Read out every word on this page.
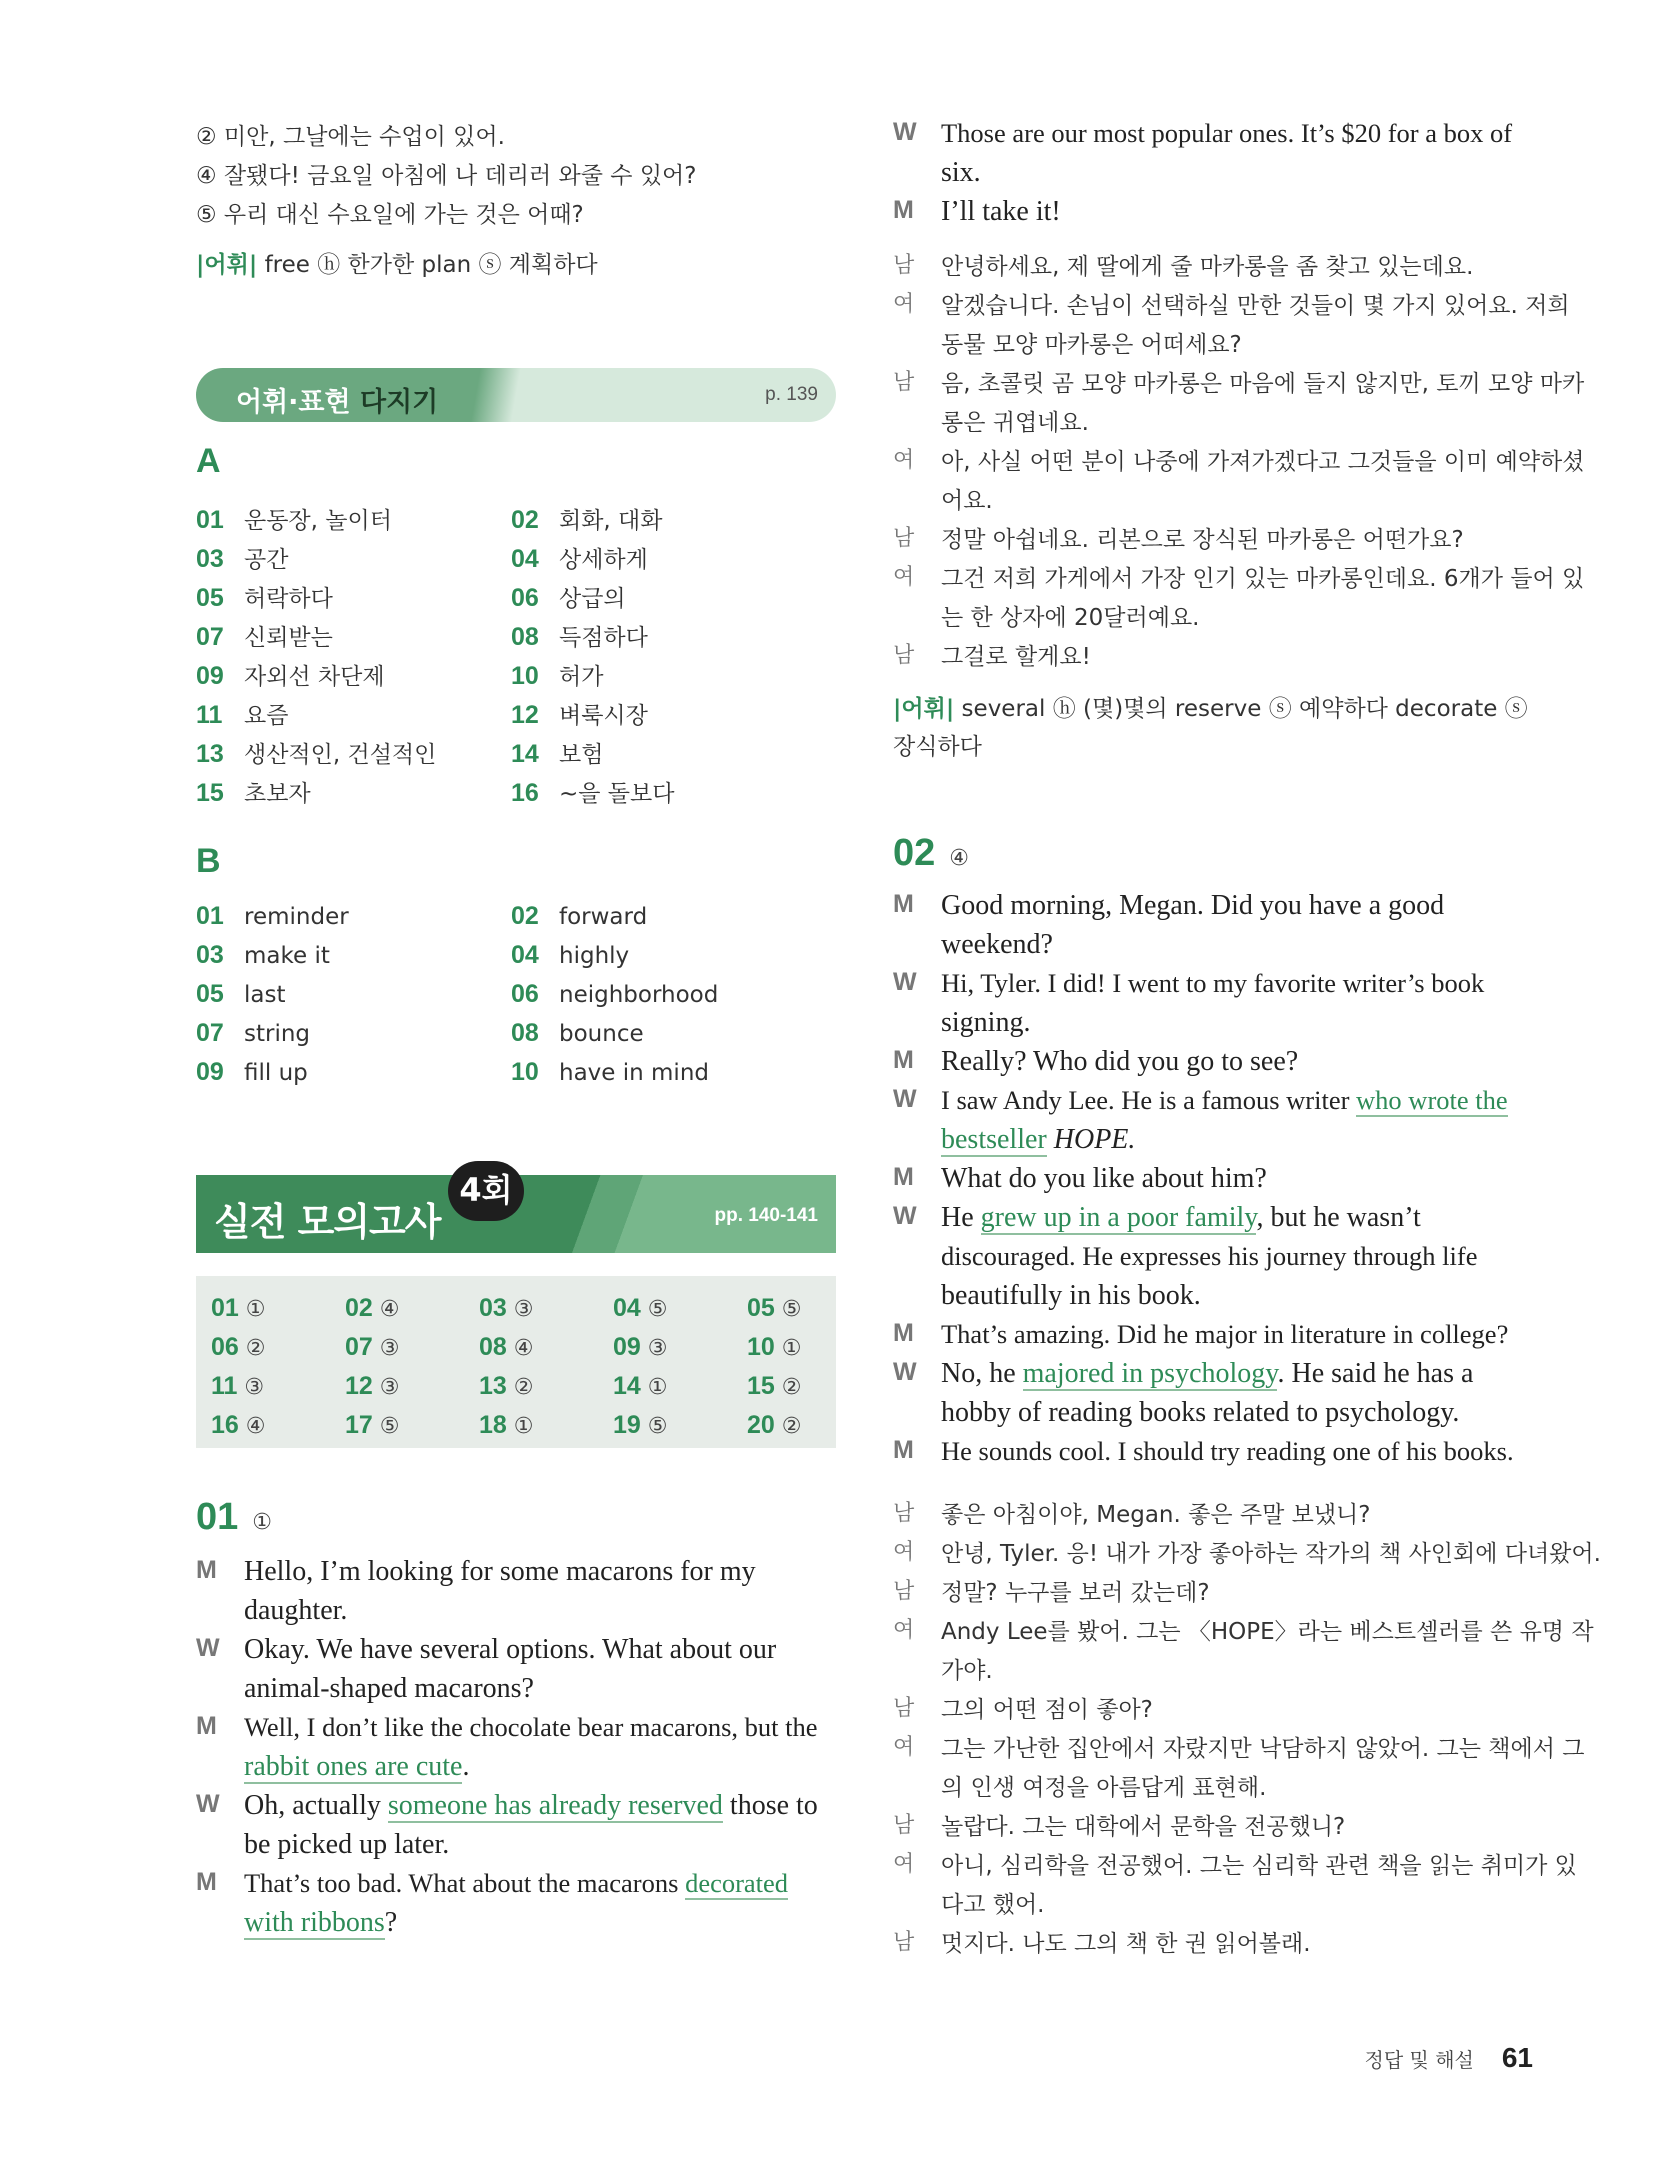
② 미안, 그날에는 수업이 있어.
④ 잘됐다! 금요일 아침에 나 데리러 와줄 수 있어?
⑤ 우리 대신 수요일에 가는 것은 어때?
|어휘| free ⓗ 한가한 plan ⓢ 계획하다
어휘·표현 다지기	p. 139
A
01 운동장, 놀이터	02 회화, 대화
03 공간	04 상세하게
05 허락하다	06 상급의
07 신뢰받는	08 득점하다
09 자외선 차단제	10 허가
11 요즘	12 벼룩시장
13 생산적인, 건설적인	14 보험
15 초보자	16 ~을 돌보다
B
01 reminder	02 forward
03 make it	04 highly
05 last	06 neighborhood
07 string	08 bounce
09 fill up	10 have in mind
실전 모의고사
4회
pp. 140-141
01 ①	02 ④	03 ③	04 ⑤	05 ⑤
06 ②	07 ③	08 ④	09 ③	10 ①
11 ③	12 ③	13 ②	14 ①	15 ②
16 ④	17 ⑤	18 ①	19 ⑤	20 ②
01 ①
M Hello, I’m looking for some macarons for my
daughter.
W Okay. We have several options. What about our
animal-shaped macarons?
M	Well, I don’t like the chocolate bear macarons, but the
rabbit ones are cute.
W Oh, actually someone has already reserved those to
be picked up later.
M	That’s too bad. What about the macarons decorated
with ribbons?
W Those are our most popular ones. It’s $20 for a box of
six.
M I’ll take it!
남	안녕하세요, 제 딸에게 줄 마카롱을 좀 찾고 있는데요.
여	알겠습니다. 손님이 선택하실 만한 것들이 몇 가지 있어요. 저희
동물 모양 마카롱은 어떠세요?
남	음, 초콜릿 곰 모양 마카롱은 마음에 들지 않지만, 토끼 모양 마카
롱은 귀엽네요.
여	아, 사실 어떤 분이 나중에 가져가겠다고 그것들을 이미 예약하셨
어요.
남	정말 아쉽네요. 리본으로 장식된 마카롱은 어떤가요?
여	그건 저희 가게에서 가장 인기 있는 마카롱인데요. 6개가 들어 있
는 한 상자에 20달러예요.
남	그걸로 할게요!
|어휘| several ⓗ (몇)몇의 reserve ⓢ 예약하다 decorate ⓢ
장식하다
02 ④
M Good morning, Megan. Did you have a good
weekend?
W Hi, Tyler. I did! I went to my favorite writer’s book
signing.
M Really? Who did you go to see?
W I saw Andy Lee. He is a famous writer who wrote the
bestseller HOPE.
M What do you like about him?
W He grew up in a poor family, but he wasn’t
discouraged. He expresses his journey through life
beautifully in his book.
M	That’s amazing. Did he major in literature in college?
W No, he majored in psychology. He said he has a
hobby of reading books related to psychology.
M	He sounds cool. I should try reading one of his books.
남	좋은 아침이야, Megan. 좋은 주말 보냈니?
여	안녕, Tyler. 응! 내가 가장 좋아하는 작가의 책 사인회에 다녀왔어.
남	정말? 누구를 보러 갔는데?
여	Andy Lee를 봤어. 그는 〈HOPE〉라는 베스트셀러를 쓴 유명 작
가야.
남	그의 어떤 점이 좋아?
여	그는 가난한 집안에서 자랐지만 낙담하지 않았어. 그는 책에서 그
의 인생 여정을 아름답게 표현해.
남	놀랍다. 그는 대학에서 문학을 전공했니?
여	아니, 심리학을 전공했어. 그는 심리학 관련 책을 읽는 취미가 있
다고 했어.
남	멋지다. 나도 그의 책 한 권 읽어볼래.
정답 및 해설 61
